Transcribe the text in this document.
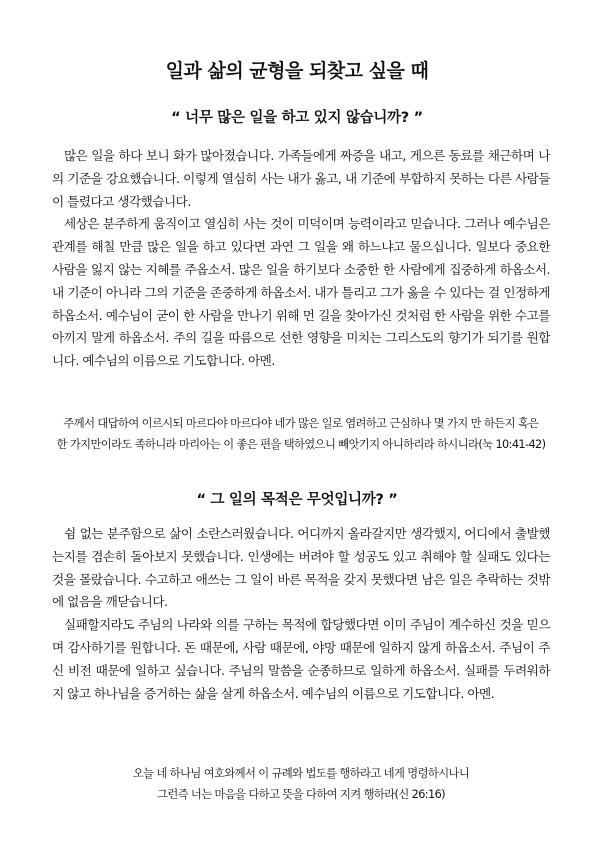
일과 삶의 균형을 되찾고 싶을 때
“ 너무 많은 일을 하고 있지 않습니까? ”

많은 일을 하다 보니 화가 많아졌습니다. 가족들에게 짜증을 내고, 게으른 동료를 채근하며 나의 기준을 강요했습니다. 이렇게 열심히 사는 내가 옳고, 내 기준에 부합하지 못하는 다른 사람들이 틀렸다고 생각했습니다.

세상은 분주하게 움직이고 열심히 사는 것이 미덕이며 능력이라고 믿습니다. 그러나 예수님은 관계를 해칠 만큼 많은 일을 하고 있다면 과연 그 일을 왜 하느냐고 물으십니다. 일보다 중요한 사람을 잃지 않는 지혜를 주옵소서. 많은 일을 하기보다 소중한 한 사람에게 집중하게 하옵소서. 내 기준이 아니라 그의 기준을 존중하게 하옵소서. 내가 틀리고 그가 옳을 수 있다는 걸 인정하게 하옵소서. 예수님이 굳이 한 사람을 만나기 위해 먼 길을 찾아가신 것처럼 한 사람을 위한 수고를 아끼지 말게 하옵소서. 주의 길을 따름으로 선한 영향을 미치는 그리스도의 향기가 되기를 원합니다. 예수님의 이름으로 기도합니다. 아멘.

주께서 대답하여 이르시되 마르다야 마르다야 네가 많은 일로 염려하고 근심하나 몇 가지 만 하든지 혹은
한 가지만이라도 족하니라 마리아는 이 좋은 편을 택하였으니 빼앗기지 아니하리라 하시니라(눅 10:41-42)
“ 그 일의 목적은 무엇입니까? ”

쉼 없는 분주함으로 삶이 소란스러웠습니다. 어디까지 올라갈지만 생각했지, 어디에서 출발했는지를 겸손히 돌아보지 못했습니다. 인생에는 버려야 할 성공도 있고 취해야 할 실패도 있다는 것을 몰랐습니다. 수고하고 애쓰는 그 일이 바른 목적을 갖지 못했다면 남은 일은 추락하는 것밖에 없음을 깨닫습니다.

실패할지라도 주님의 나라와 의를 구하는 목적에 합당했다면 이미 주님이 계수하신 것을 믿으며 감사하기를 원합니다. 돈 때문에, 사람 때문에, 야망 때문에 일하지 않게 하옵소서. 주님이 주신 비전 때문에 일하고 싶습니다. 주님의 말씀을 순종하므로 일하게 하옵소서. 실패를 두려워하지 않고 하나님을 증거하는 삶을 살게 하옵소서. 예수님의 이름으로 기도합니다. 아멘.

오늘 네 하나님 여호와께서 이 규례와 법도를 행하라고 네게 명령하시나니
그런즉 너는 마음을 다하고 뜻을 다하여 지켜 행하라(신 26:16)
